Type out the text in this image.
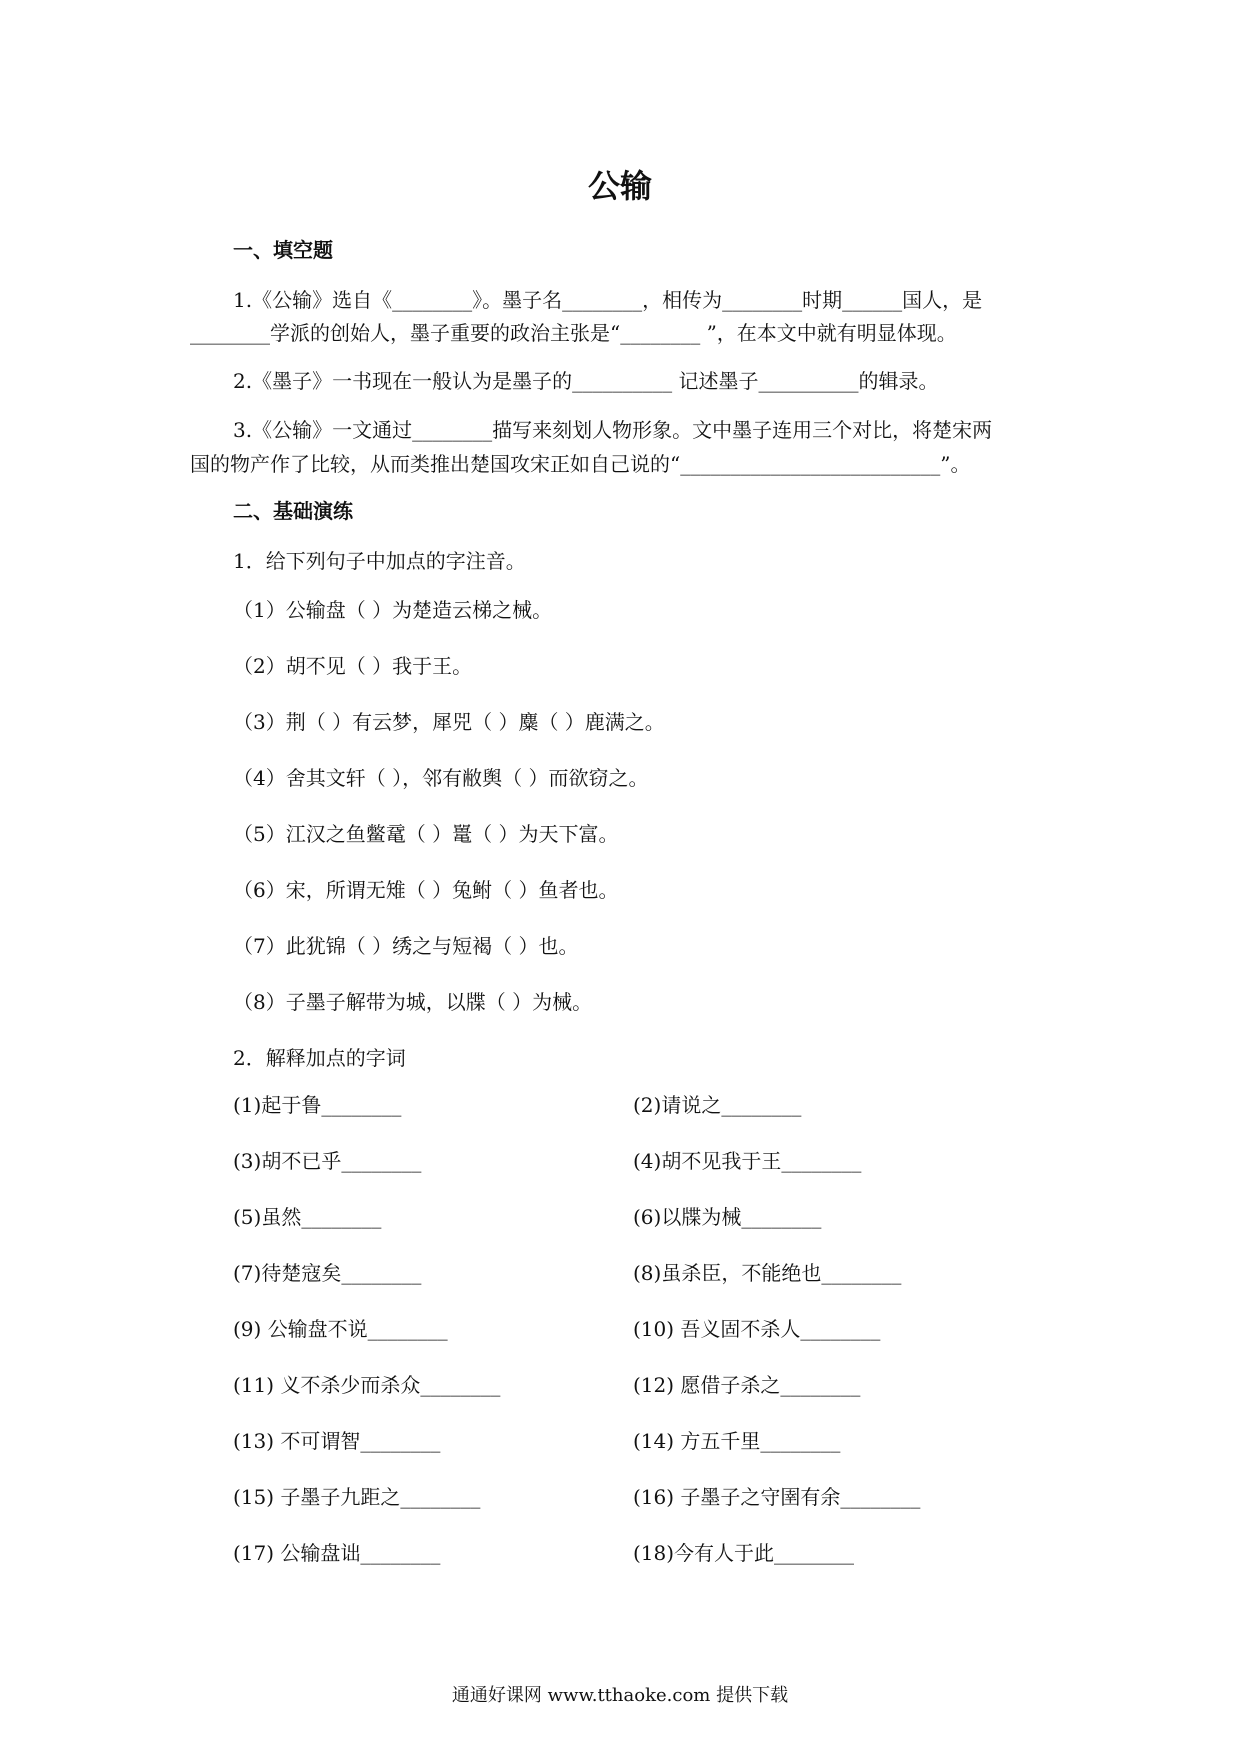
公输
一、填空题
1.《公输》选自《________》。墨子名________，相传为________时期______国人，是
________学派的创始人，墨子重要的政治主张是“________ ”，在本文中就有明显体现。
2.《墨子》一书现在一般认为是墨子的__________ 记述墨子__________的辑录。
3.《公输》一文通过________描写来刻划人物形象。文中墨子连用三个对比，将楚宋两
国的物产作了比较，从而类推出楚国攻宋正如自己说的“__________________________”。
二、基础演练
1．给下列句子中加点的字注音。
（1）公输盘（ ）为楚造云梯之械。
（2）胡不见（ ）我于王。
（3）荆（ ）有云梦，犀兕（ ）麋（ ）鹿满之。
（4）舍其文轩（ ），邻有敝舆（ ）而欲窃之。
（5）江汉之鱼鳖鼋（ ）鼍（ ）为天下富。
（6）宋，所谓无雉（ ）兔鲋（ ）鱼者也。
（7）此犹锦（ ）绣之与短褐（ ）也。
（8）子墨子解带为城，以牒（ ）为械。
2．解释加点的字词
(1)起于鲁________	(2)请说之________
(3)胡不已乎________	(4)胡不见我于王________
(5)虽然________	(6)以牒为械________
(7)待楚寇矣________	(8)虽杀臣，不能绝也________
(9) 公输盘不说________	(10) 吾义固不杀人________
(11) 义不杀少而杀众________	(12) 愿借子杀之________
(13) 不可谓智________	(14) 方五千里________
(15) 子墨子九距之________	(16) 子墨子之守圉有余________
(17) 公输盘诎________	(18)今有人于此________
通通好课网 www.tthaoke.com 提供下载
